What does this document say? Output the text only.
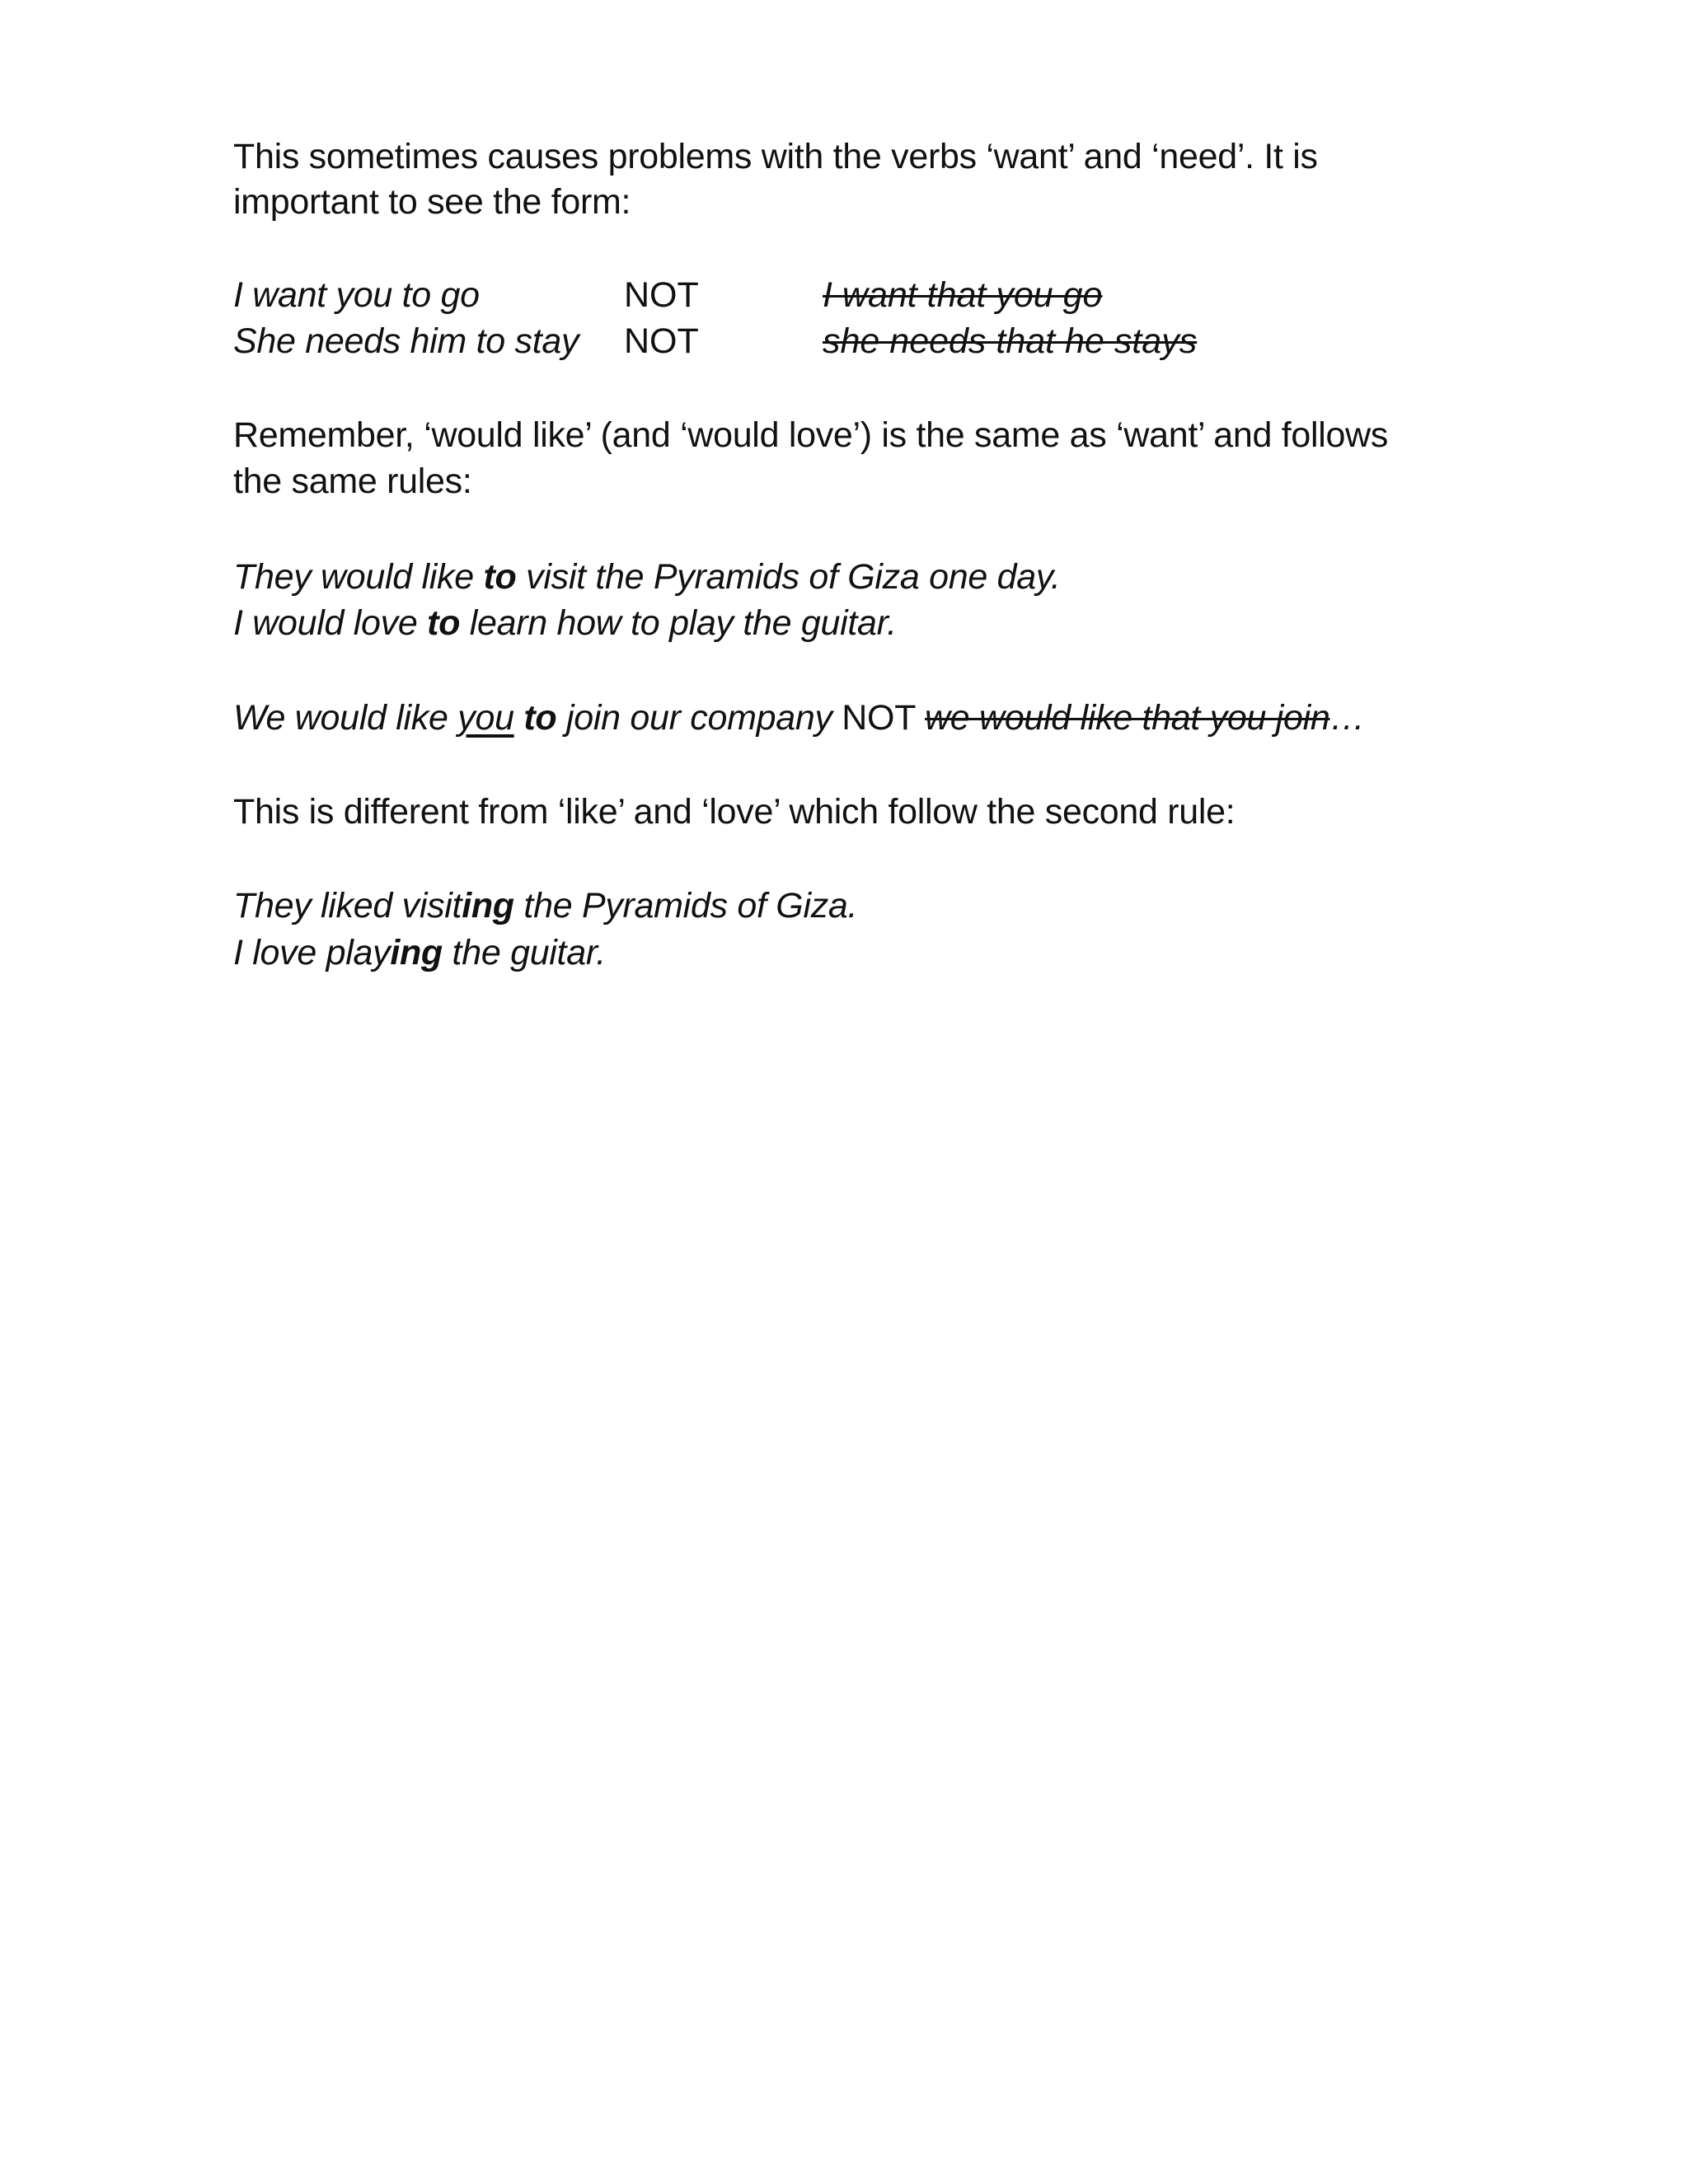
This sometimes causes problems with the verbs ‘want’ and ‘need’. It is
important to see the form:
I want you to go	NOT	I want that you go
She needs him to stay NOT	she needs that he stays
Remember, ‘would like’ (and ‘would love’) is the same as ‘want’ and follows
the same rules:
They would like to visit the Pyramids of Giza one day.
I would love to learn how to play the guitar.
We would like you to join our company NOT we would like that you join…
This is different from ‘like’ and ‘love’ which follow the second rule:
They liked visiting the Pyramids of Giza.
I love playing the guitar.
